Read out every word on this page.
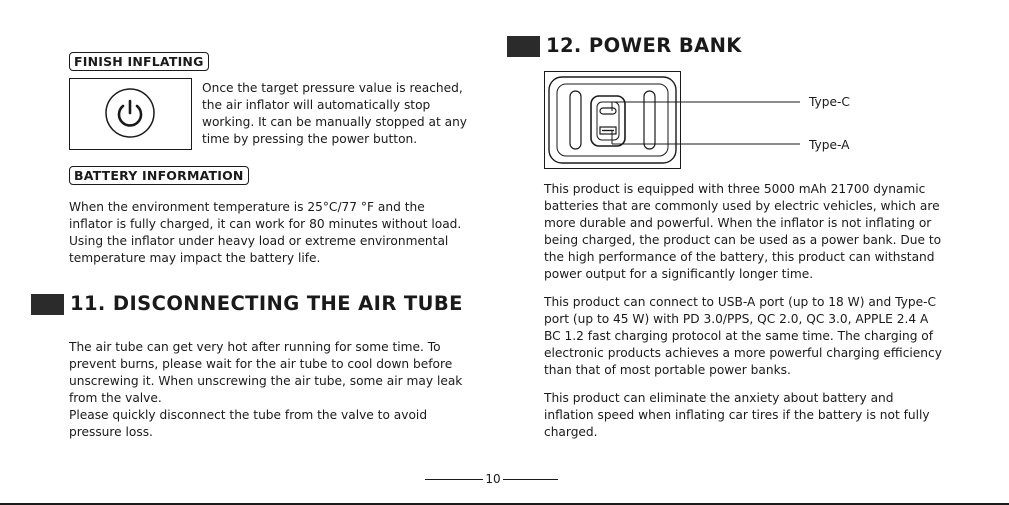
FINISH INFLATING

Once the target pressure value is reached,
the air inflator will automatically stop
working. It can be manually stopped at any
time by pressing the power button.

BATTERY INFORMATION

When the environment temperature is 25°C/77 °F and the
inflator is fully charged, it can work for 80 minutes without load.
Using the inflator under heavy load or extreme environmental
temperature may impact the battery life.

11. DISCONNECTING THE AIR TUBE

The air tube can get very hot after running for some time. To
prevent burns, please wait for the air tube to cool down before
unscrewing it. When unscrewing the air tube, some air may leak
from the valve.
Please quickly disconnect the tube from the valve to avoid
pressure loss.

12. POWER BANK
Type-C
Type-A

This product is equipped with three 5000 mAh 21700 dynamic
batteries that are commonly used by electric vehicles, which are
more durable and powerful. When the inflator is not inflating or
being charged, the product can be used as a power bank. Due to
the high performance of the battery, this product can withstand
power output for a significantly longer time.

This product can connect to USB-A port (up to 18 W) and Type-C
port (up to 45 W) with PD 3.0/PPS, QC 2.0, QC 3.0, APPLE 2.4 A
BC 1.2 fast charging protocol at the same time. The charging of
electronic products achieves a more powerful charging efficiency
than that of most portable power banks.

This product can eliminate the anxiety about battery and
inflation speed when inflating car tires if the battery is not fully
charged.

10
